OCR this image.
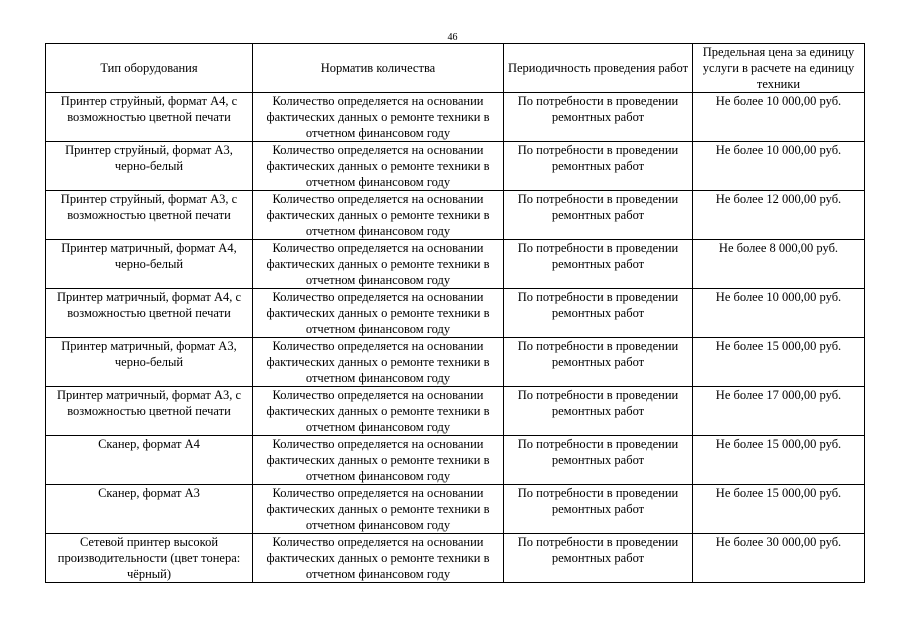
46
Тип оборудования	Норматив количества	Периодичность проведения работ	Предельная цена за единицу услуги в расчете на единицу техники
Принтер струйный, формат А4, с возможностью цветной печати	Количество определяется на основании фактических данных о ремонте техники в отчетном финансовом году	По потребности в проведении ремонтных работ	Не более 10 000,00 руб.
Принтер струйный, формат А3, черно-белый	Количество определяется на основании фактических данных о ремонте техники в отчетном финансовом году	По потребности в проведении ремонтных работ	Не более 10 000,00 руб.
Принтер струйный, формат А3, с возможностью цветной печати	Количество определяется на основании фактических данных о ремонте техники в отчетном финансовом году	По потребности в проведении ремонтных работ	Не более 12 000,00 руб.
Принтер матричный, формат А4, черно-белый	Количество определяется на основании фактических данных о ремонте техники в отчетном финансовом году	По потребности в проведении ремонтных работ	Не более 8 000,00 руб.
Принтер матричный, формат А4, с возможностью цветной печати	Количество определяется на основании фактических данных о ремонте техники в отчетном финансовом году	По потребности в проведении ремонтных работ	Не более 10 000,00 руб.
Принтер матричный, формат А3, черно-белый	Количество определяется на основании фактических данных о ремонте техники в отчетном финансовом году	По потребности в проведении ремонтных работ	Не более 15 000,00 руб.
Принтер матричный, формат А3, с возможностью цветной печати	Количество определяется на основании фактических данных о ремонте техники в отчетном финансовом году	По потребности в проведении ремонтных работ	Не более 17 000,00 руб.
Сканер, формат А4	Количество определяется на основании фактических данных о ремонте техники в отчетном финансовом году	По потребности в проведении ремонтных работ	Не более 15 000,00 руб.
Сканер, формат А3	Количество определяется на основании фактических данных о ремонте техники в отчетном финансовом году	По потребности в проведении ремонтных работ	Не более 15 000,00 руб.
Сетевой принтер высокой производительности (цвет тонера: чёрный)	Количество определяется на основании фактических данных о ремонте техники в отчетном финансовом году	По потребности в проведении ремонтных работ	Не более 30 000,00 руб.
